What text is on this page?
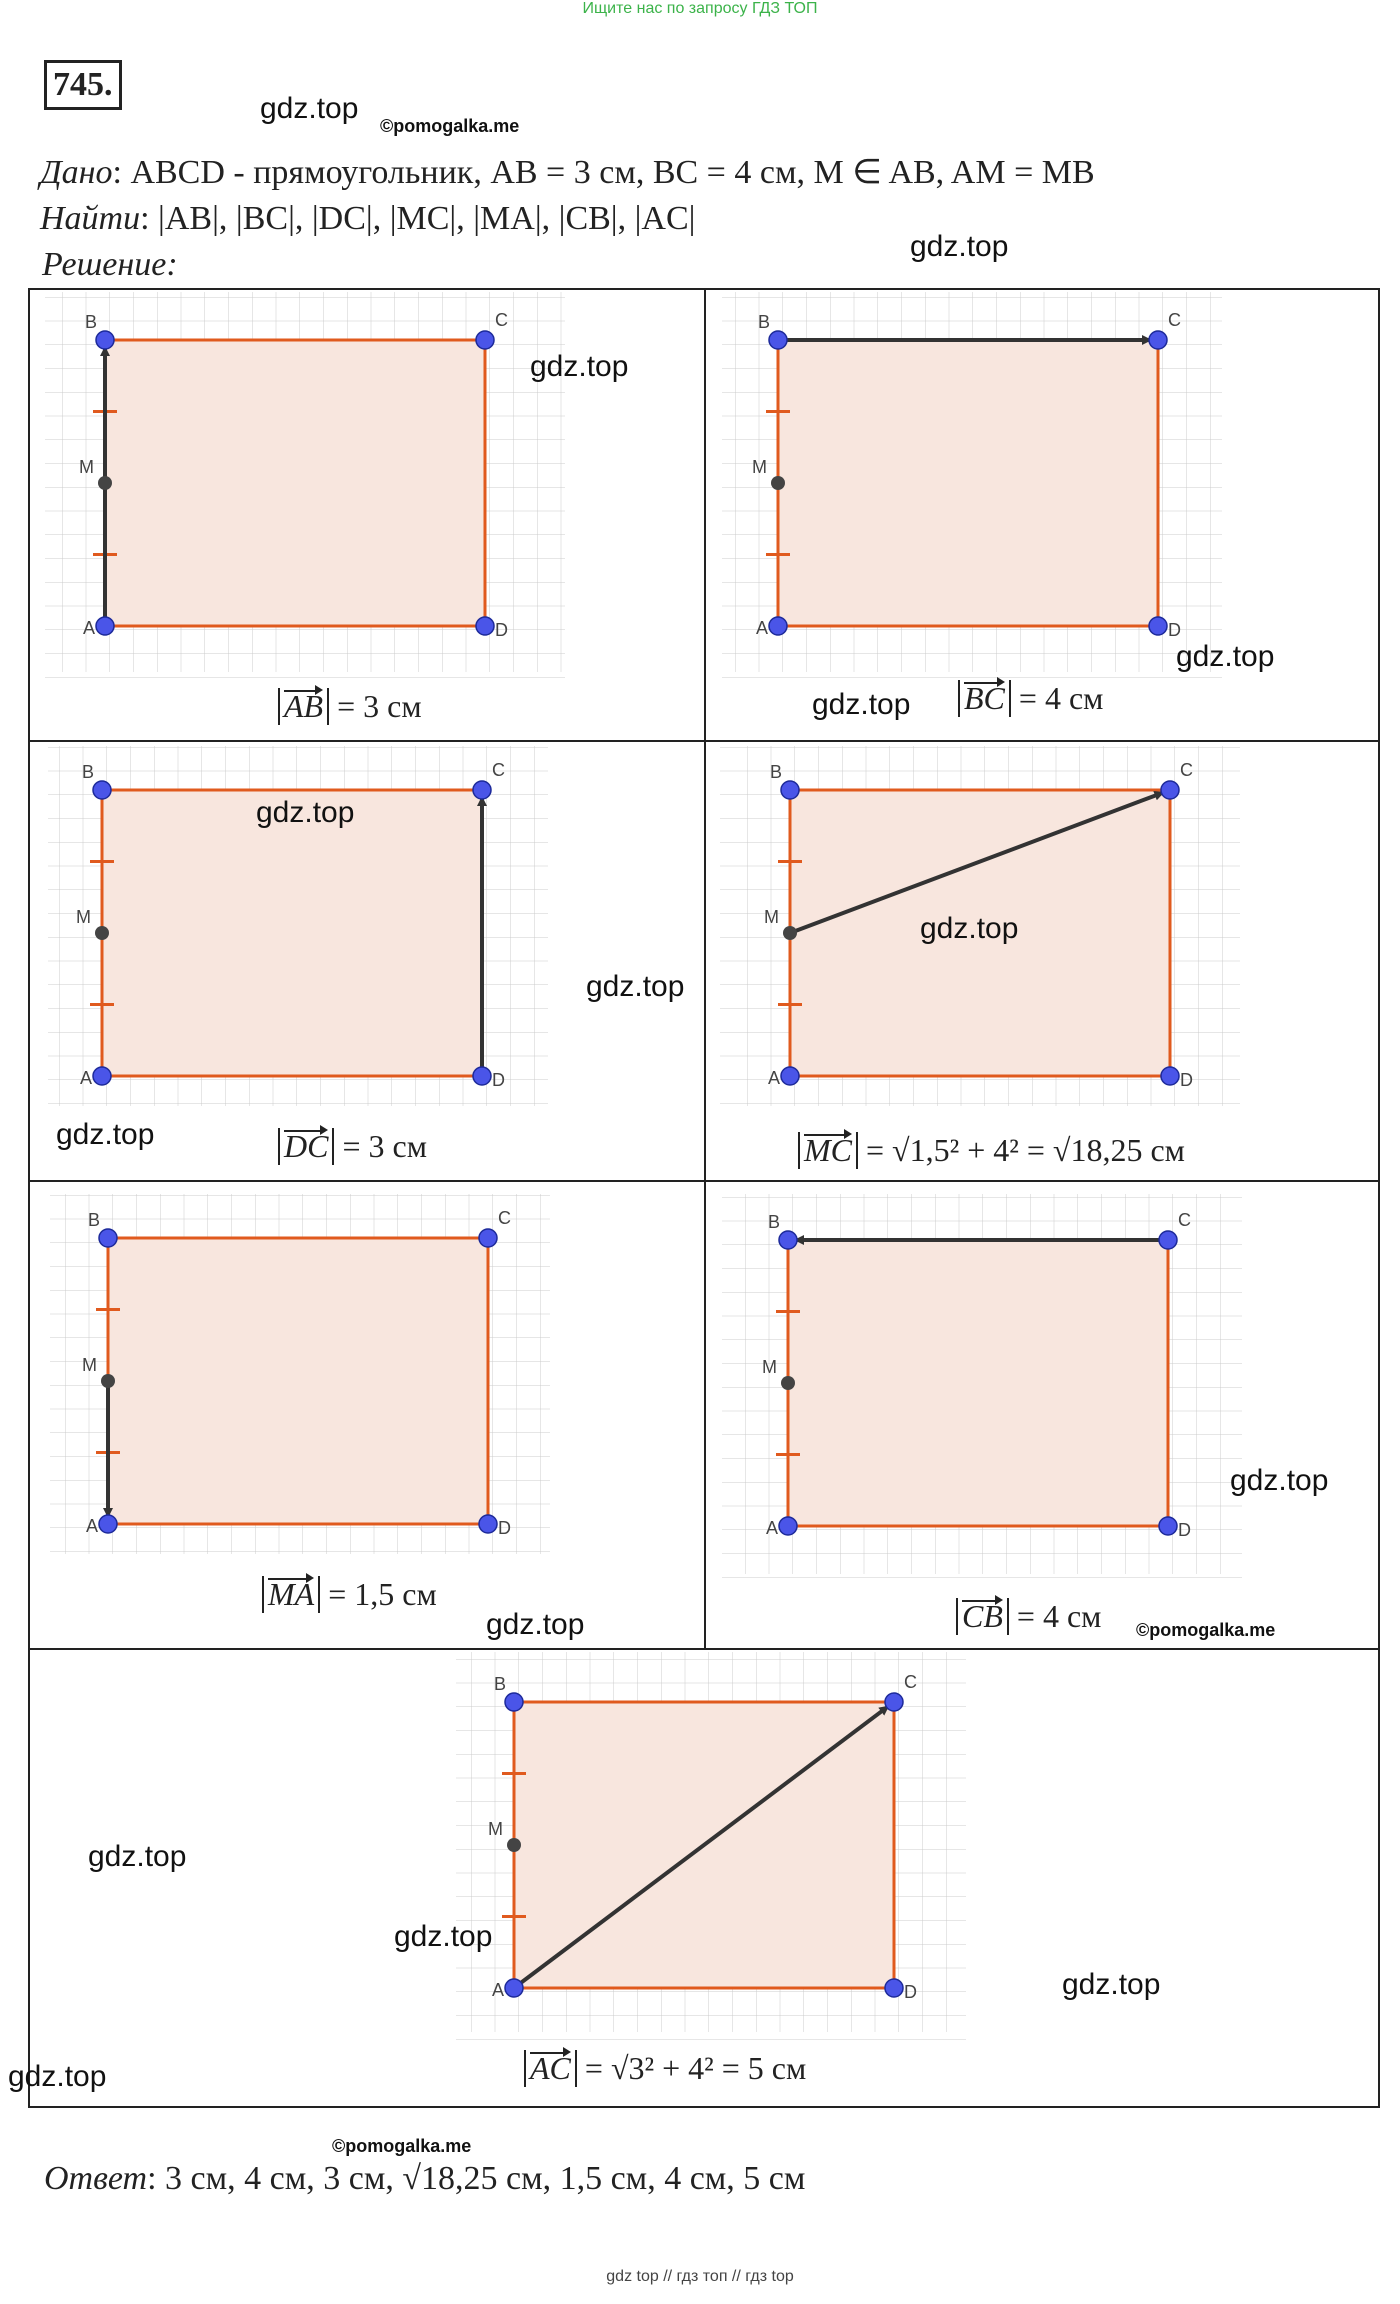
Ищите нас по запросу ГДЗ ТОП
745.
gdz.top
©pomogalka.me
Дано: ABCD - прямоугольник, AB = 3 см, BC = 4 см, M ∈ AB, AM = MB
Найти: |AB|, |BC|, |DC|, |MC|, |MA|, |CB|, |AC|
Решение:	gdz.top
B	C
A	D
M
B	C
A	D
M
B	C
A	D
M
B	C
A	D
M
B	C
A	D
M
B	C
A	D
M
B	C
A	D
M
AB = 3 см	BC = 4 см
DC = 3 см	MC = √1,5² + 4² = √18,25 см
MA = 1,5 см
CB = 4 см
AC = √3² + 4² = 5 см
gdz.top
gdz.top
gdz.top
gdz.top
gdz.top
gdz.top
gdz.top
gdz.top
gdz.top	©pomogalka.me
gdz.top
gdz.top
gdz.top
gdz.top
©pomogalka.me
Ответ: 3 см, 4 см, 3 см, √18,25 см, 1,5 см, 4 см, 5 см
gdz top // гдз топ // гдз top
